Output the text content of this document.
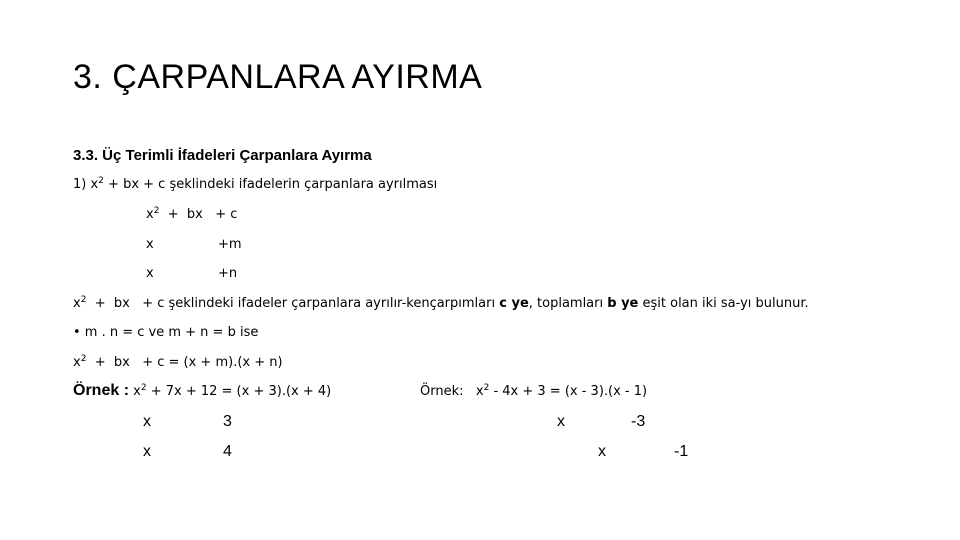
3. ÇARPANLARA AYIRMA
3.3. Üç Terimli İfadeleri Çarpanlara Ayırma
1) $x^2$ + bx + c şeklindeki ifadelerin çarpanlara ayrılması
$x^2$  +  bx   + c
x	+m
x	+n
$x^2$  +  bx   + c şeklindeki ifadeler çarpanlara ayrılır-kençarpımları c ye, toplamları b ye eşit olan iki sa-yı bulunur.
• m . n = c ve m + n = b ise
$x^2$  +  bx   + c = (x + m).(x + n)
Örnek : $x^2 + 7x + 12 = (x + 3).(x + 4)$	Örnek:   $x^2 - 4x + 3 = (x - 3).(x - 1)$
x	3
x	4
x	-3
x	-1
